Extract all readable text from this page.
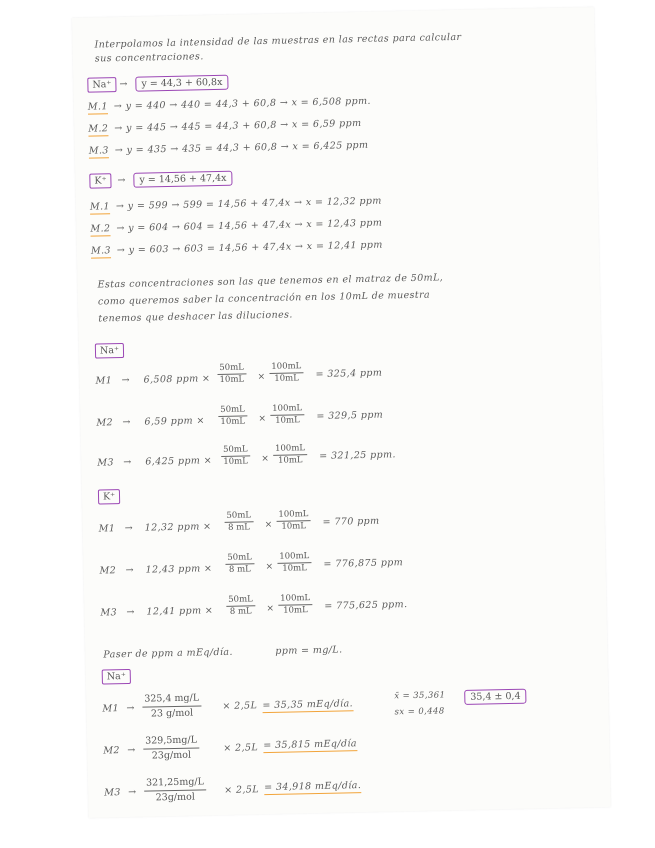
Interpolamos la intensidad de las muestras en las rectas para calcular
sus concentraciones.
Na⁺ →	y = 44,3 + 60,8x
M.1 → y = 440 → 440 = 44,3 + 60,8 → x = 6,508 ppm.
M.2 → y = 445 → 445 = 44,3 + 60,8 → x = 6,59 ppm
M.3 → y = 435 → 435 = 44,3 + 60,8 → x = 6,425 ppm
K⁺	→	y = 14,56 + 47,4x
M.1 → y = 599 → 599 = 14,56 + 47,4x → x = 12,32 ppm
M.2 → y = 604 → 604 = 14,56 + 47,4x → x = 12,43 ppm
M.3 → y = 603 → 603 = 14,56 + 47,4x → x = 12,41 ppm
Estas concentraciones son las que tenemos en el matraz de 50mL,
como queremos saber la concentración en los 10mL de muestra
tenemos que deshacer las diluciones.
Na⁺
M1 → 6,508 ppm × $\frac{50mL}{10mL} \times \frac{100mL}{10mL} = 325,4$ ppm
M2 → 6,59 ppm × $\frac{50mL}{10mL} \times \frac{100mL}{10mL} = 329,5$ ppm
M3 → 6,425 ppm × $\frac{50mL}{10mL} \times \frac{100mL}{10mL} = 321,25$ ppm.
K⁺
M1 → 12,32 ppm × $\frac{50mL}{8 mL} \times \frac{100mL}{10mL} = 770$ ppm
M2 → 12,43 ppm × $\frac{50mL}{8 mL} \times \frac{100mL}{10mL} = 776,875$ ppm
M3 → 12,41 ppm × $\frac{50mL}{8 mL} \times \frac{100mL}{10mL} = 775,625$ ppm.
Paser de ppm a mEq/día.	ppm = mg/L.
Na⁺
M1 →
325,4 mg/L
23 g/mol
× 2,5L = 35,35 mEq/día.
M2 →
329,5mg/L
23g/mol
× 2,5L = 35,815 mEq/día
M3 →
321,25mg/L
23g/mol
× 2,5L = 34,918 mEq/día.
x̄ = 35,361
sx = 0,448
35,4 ± 0,4
